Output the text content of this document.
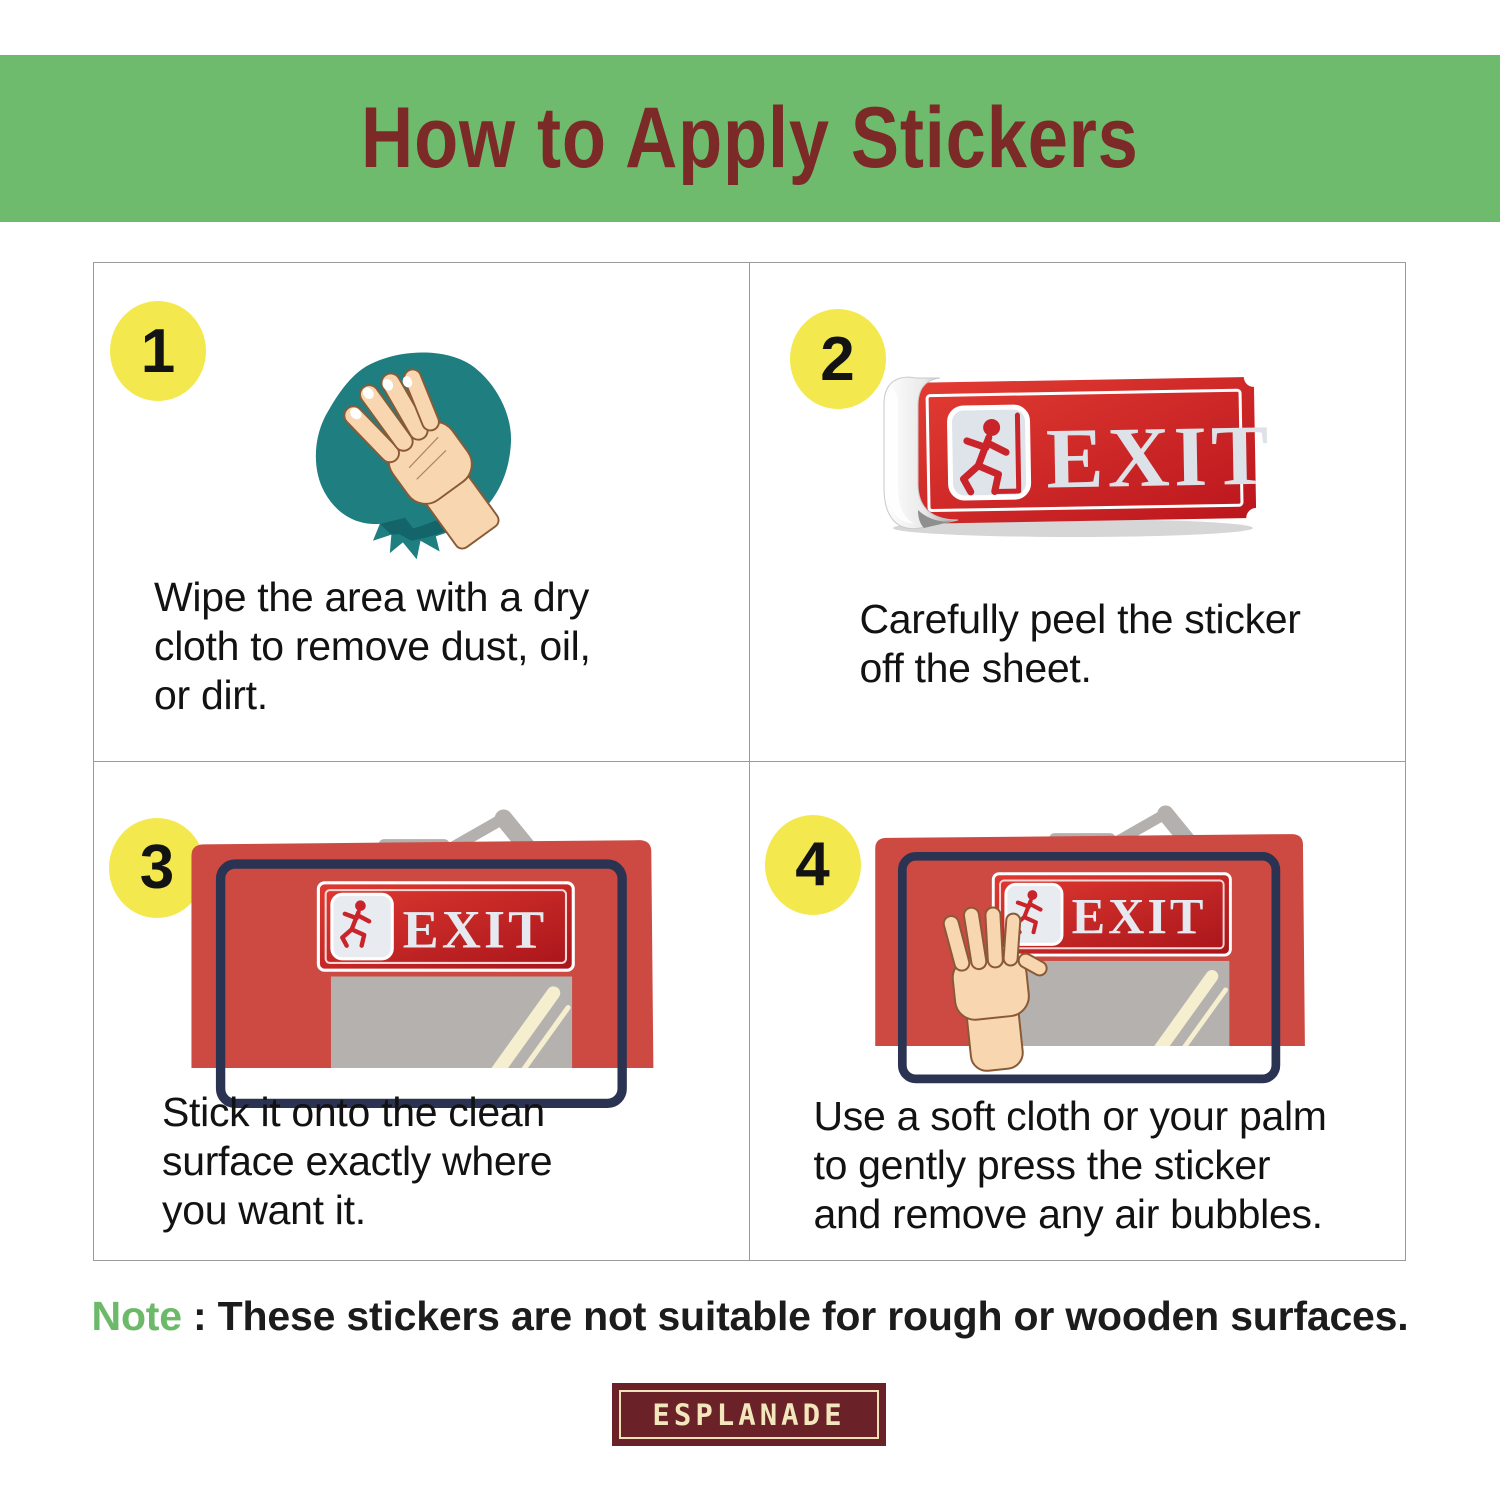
How to Apply Stickers
1
Wipe the area with a dry
cloth to remove dust, oil,
or dirt.
2
EXIT
Carefully peel the sticker
off the sheet.
3
EXIT
Stick it onto the clean
surface exactly where
you want it.
4
EXIT
Use a soft cloth or your palm
to gently press the sticker
and remove any air bubbles.
Note : These stickers are not suitable for rough or wooden surfaces.
ESPLANADE
